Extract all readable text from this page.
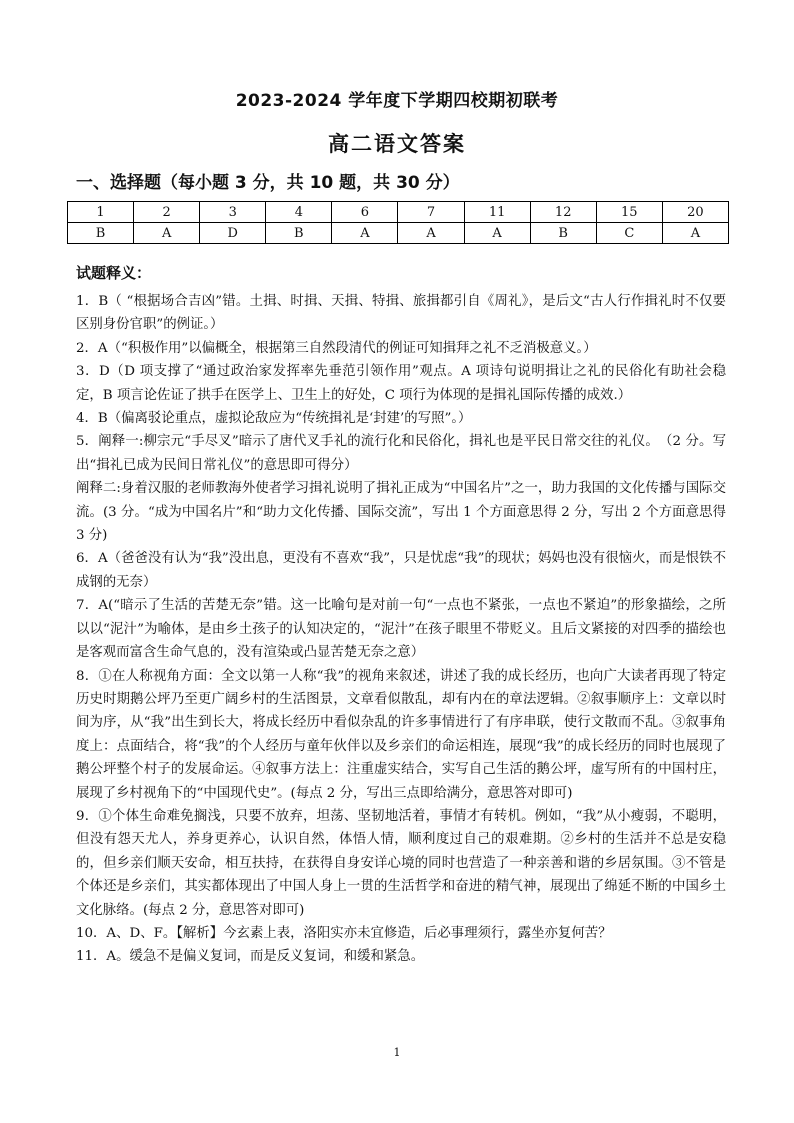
2023-2024 学年度下学期四校期初联考
高二语文答案
一、选择题（每小题 3 分，共 10 题，共 30 分）
1	2	3	4	6	7	11	12	15	20
B	A	D	B	A	A	A	B	C	A
试题释义：

1．B（ “根据场合吉凶”错。土揖、时揖、天揖、特揖、旅揖都引自《周礼》，是后文“古人行作揖礼时不仅要区别身份官职”的例证。）

2．A（“积极作用”以偏概全，根据第三自然段清代的例证可知揖拜之礼不乏消极意义。）

3．D（D 项支撑了“通过政治家发挥率先垂范引领作用”观点。A 项诗句说明揖让之礼的民俗化有助社会稳定，B 项言论佐证了拱手在医学上、卫生上的好处，C 项行为体现的是揖礼国际传播的成效.）

4．B（偏离驳论重点，虚拟论敌应为“传统揖礼是‘封建’的写照”。）

5．阐释一:柳宗元“手尽叉”暗示了唐代叉手礼的流行化和民俗化，揖礼也是平民日常交往的礼仪。　（2 分。写出“揖礼已成为民间日常礼仪”的意思即可得分）

阐释二:身着汉服的老师教海外使者学习揖礼说明了揖礼正成为“中国名片”之一，助力我国的文化传播与国际交流。(3 分。“成为中国名片”和“助力文化传播、国际交流”，写出 1 个方面意思得 2 分，写出 2 个方面意思得 3 分)

6．A（爸爸没有认为“我”没出息，更没有不喜欢“我”，只是忧虑“我”的现状；妈妈也没有很恼火，而是恨铁不成钢的无奈）

7．A(“暗示了生活的苦楚无奈”错。这一比喻句是对前一句“一点也不紧张，一点也不紧迫”的形象描绘，之所以以“泥汁”为喻体，是由乡土孩子的认知决定的，“泥汁”在孩子眼里不带贬义。且后文紧接的对四季的描绘也是客观而富含生命气息的，没有渲染或凸显苦楚无奈之意）

8．①在人称视角方面：全文以第一人称“我”的视角来叙述，讲述了我的成长经历，也向广大读者再现了特定历史时期鹅公坪乃至更广阔乡村的生活图景，文章看似散乱，却有内在的章法逻辑。②叙事顺序上：文章以时间为序，从“我”出生到长大，将成长经历中看似杂乱的许多事情进行了有序串联，使行文散而不乱。③叙事角度上：点面结合，将“我”的个人经历与童年伙伴以及乡亲们的命运相连，展现“我”的成长经历的同时也展现了鹅公坪整个村子的发展命运。④叙事方法上：注重虚实结合，实写自己生活的鹅公坪，虚写所有的中国村庄，展现了乡村视角下的“中国现代史”。(每点 2 分，写出三点即给满分，意思答对即可)

9．①个体生命难免搁浅，只要不放弃，坦荡、坚韧地活着，事情才有转机。例如，“我”从小瘦弱，不聪明，但没有怨天尤人，养身更养心，认识自然，体悟人情，顺利度过自己的艰难期。②乡村的生活并不总是安稳的，但乡亲们顺天安命，相互扶持，在获得自身安详心境的同时也营造了一种亲善和谐的乡居氛围。③不管是个体还是乡亲们，其实都体现出了中国人身上一贯的生活哲学和奋进的精气神，展现出了绵延不断的中国乡土文化脉络。(每点 2 分，意思答对即可)

10．A、D、F。【解析】今玄素上表，洛阳实亦未宜修造，后必事理须行，露坐亦复何苦？

11．A。缓急不是偏义复词，而是反义复词，和缓和紧急。

1
